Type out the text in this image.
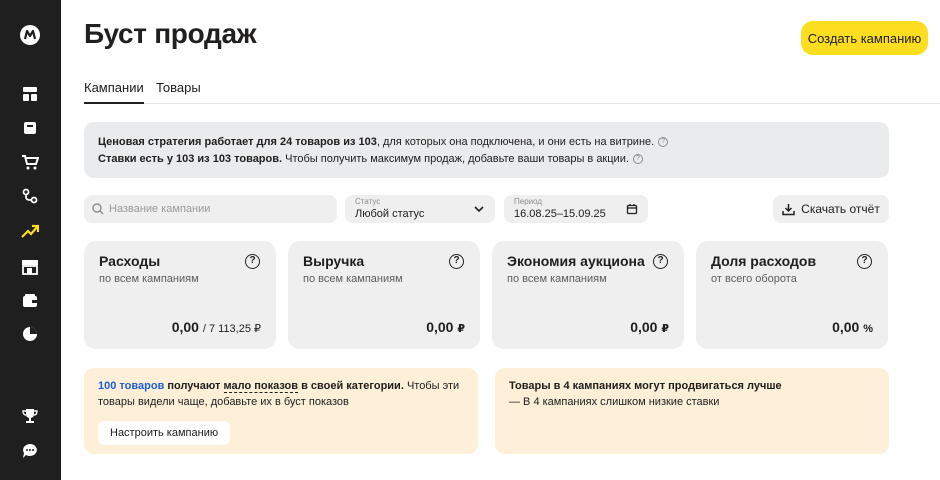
Буст продаж	Создать кампанию
Кампании Товары
Ценовая стратегия работает для 24 товаров из 103, для которых она подключена, и они есть на витрине. ?
Ставки есть у 103 из 103 товаров. Чтобы получить максимум продаж, добавьте ваши товары в акции. ?
Название кампании
Статус
Любой статус
Период
16.08.25–15.09.25	Скачать отчёт
Расходы
по всем кампаниям
?
0,00 / 7 113,25 ₽
Выручка
по всем кампаниям
?
0,00 ₽
Экономия аукциона
по всем кампаниям
?
0,00 ₽
Доля расходов
от всего оборота
?
0,00 %
100 товаров получают мало показов в своей категории. Чтобы эти товары видели чаще, добавьте их в буст показов
Настроить кампанию
Товары в 4 кампаниях могут продвигаться лучше
— В 4 кампаниях слишком низкие ставки
